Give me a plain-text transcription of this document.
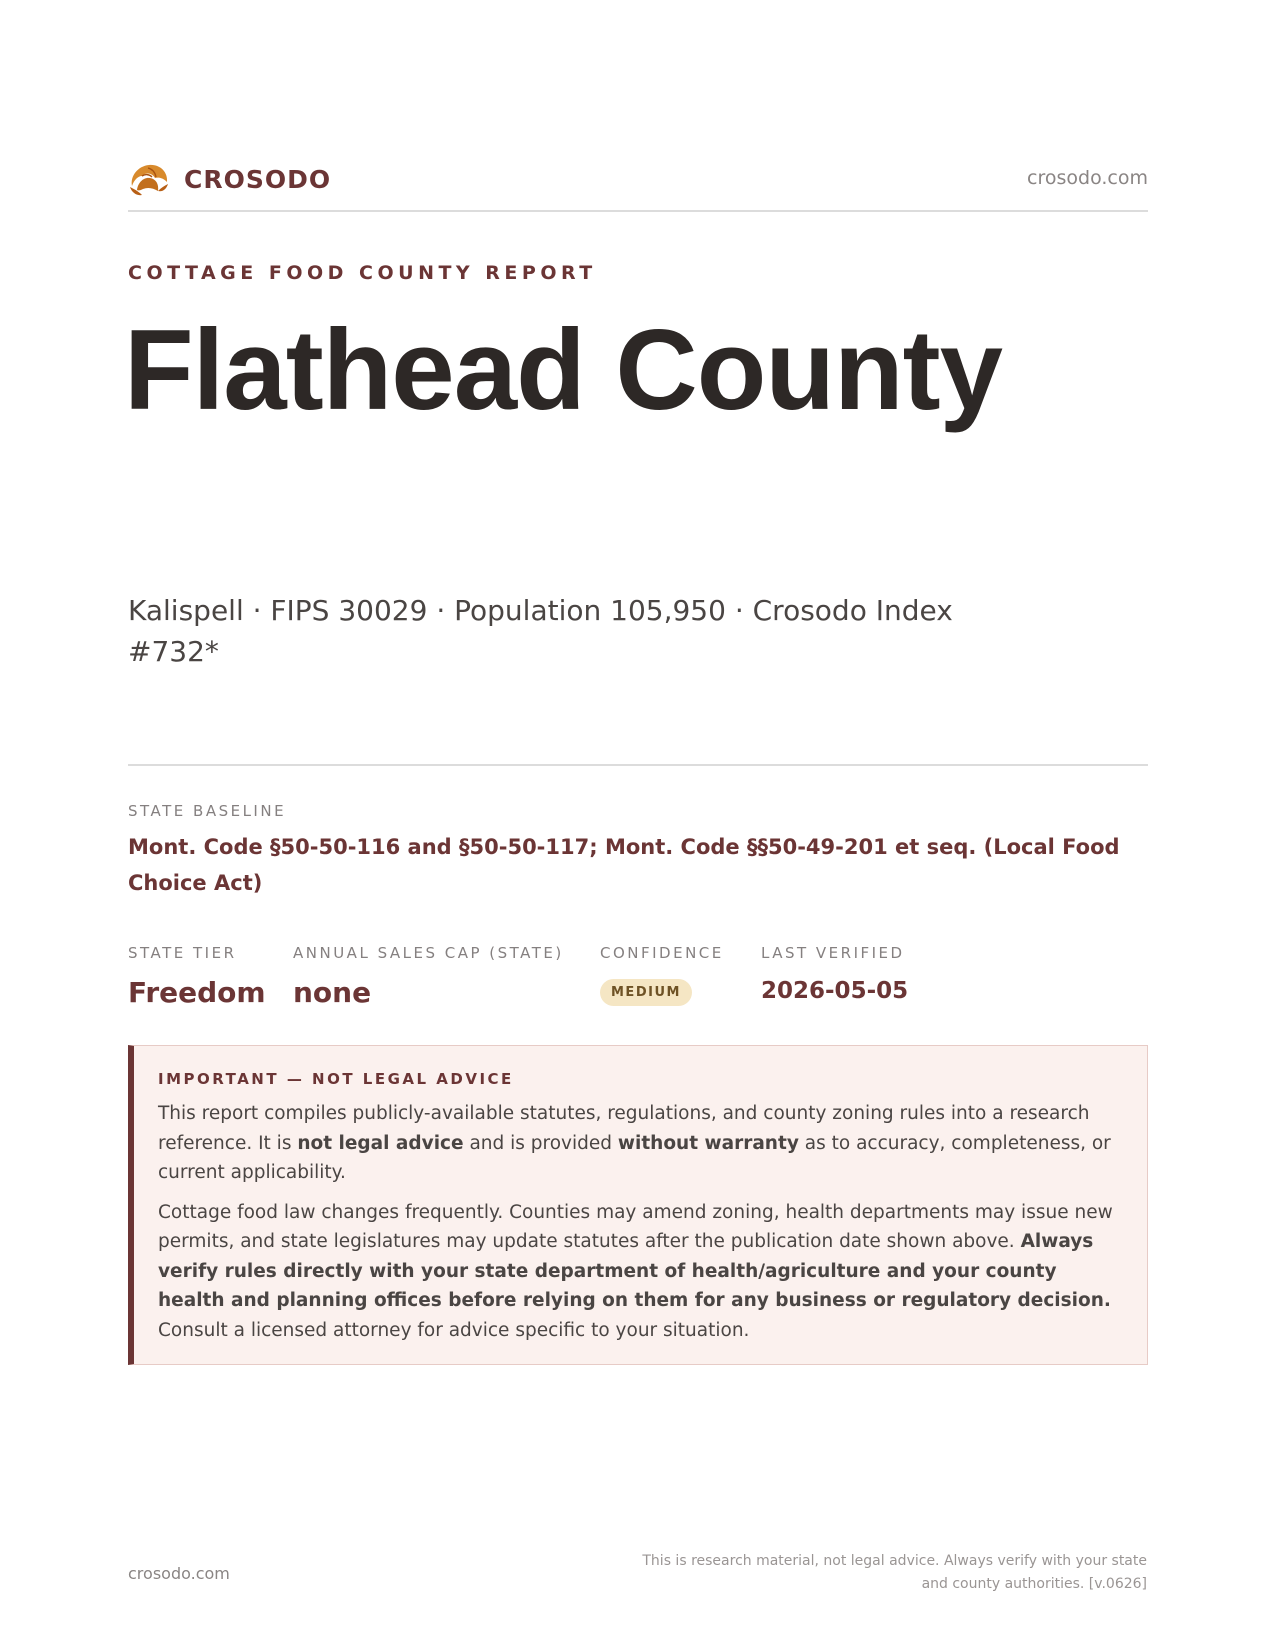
CROSODO	crosodo.com
COTTAGE FOOD COUNTY REPORT
Flathead County
Kalispell · FIPS 30029 · Population 105,950 · Crosodo Index #732*
STATE BASELINE
Mont. Code §50-50-116 and §50-50-117; Mont. Code §§50-49-201 et seq. (Local Food Choice Act)
STATE TIER
Freedom
ANNUAL SALES CAP (STATE)
none
CONFIDENCE
MEDIUM
LAST VERIFIED
2026-05-05
IMPORTANT — NOT LEGAL ADVICE

This report compiles publicly-available statutes, regulations, and county zoning rules into a research reference. It is not legal advice and is provided without warranty as to accuracy, completeness, or current applicability.

Cottage food law changes frequently. Counties may amend zoning, health departments may issue new permits, and state legislatures may update statutes after the publication date shown above. Always verify rules directly with your state department of health/agriculture and your county health and planning offices before relying on them for any business or regulatory decision. Consult a licensed attorney for advice specific to your situation.

crosodo.com
This is research material, not legal advice. Always verify with your state
and county authorities. [v.0626]
